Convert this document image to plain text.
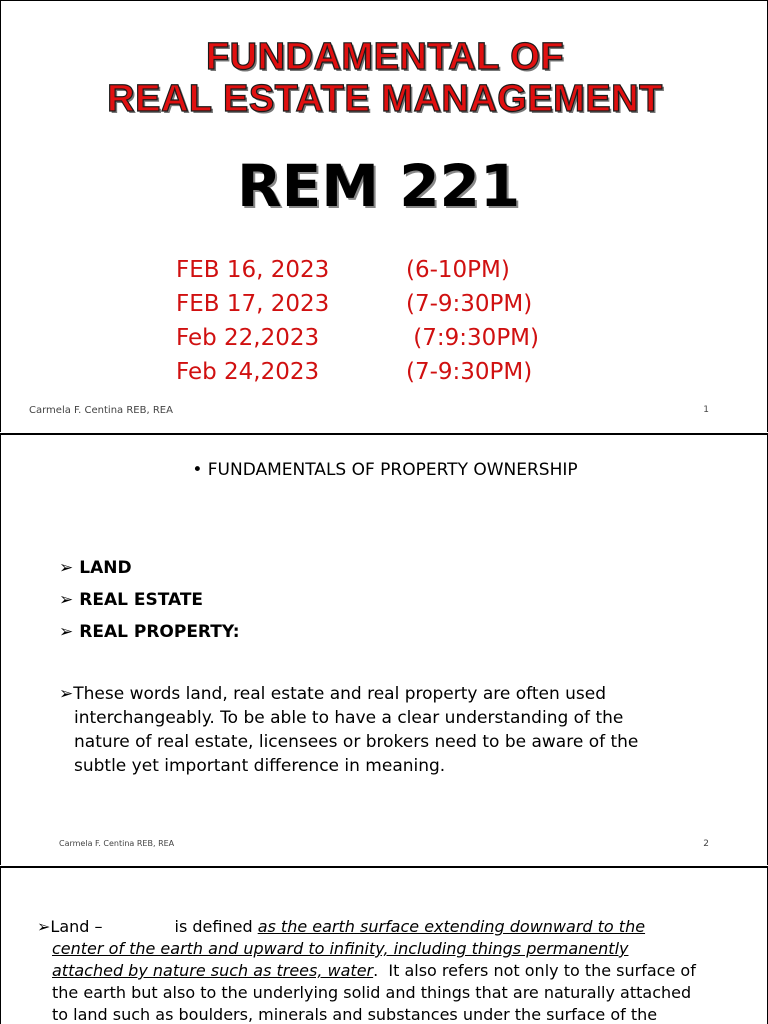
FUNDAMENTAL OF
REAL ESTATE MANAGEMENT
REM 221
FEB 16, 2023	(6-10PM)
FEB 17, 2023	(7-9:30PM)
Feb 22,2023	(7:9:30PM)
Feb 24,2023	(7-9:30PM)
Carmela F. Centina REB, REA	1
• FUNDAMENTALS OF PROPERTY OWNERSHIP
➢ LAND
➢ REAL ESTATE
➢ REAL PROPERTY:
➢These words land, real estate and real property are often used
interchangeably. To be able to have a clear understanding of the
nature of real estate, licensees or brokers need to be aware of the
subtle yet important difference in meaning.
Carmela F. Centina REB, REA	2
➢Land –	is defined as the earth surface extending downward to the
center of the earth and upward to infinity, including things permanently
attached by nature such as trees, water.  It also refers not only to the surface of
the earth but also to the underlying solid and things that are naturally attached
to land such as boulders, minerals and substances under the surface of the
